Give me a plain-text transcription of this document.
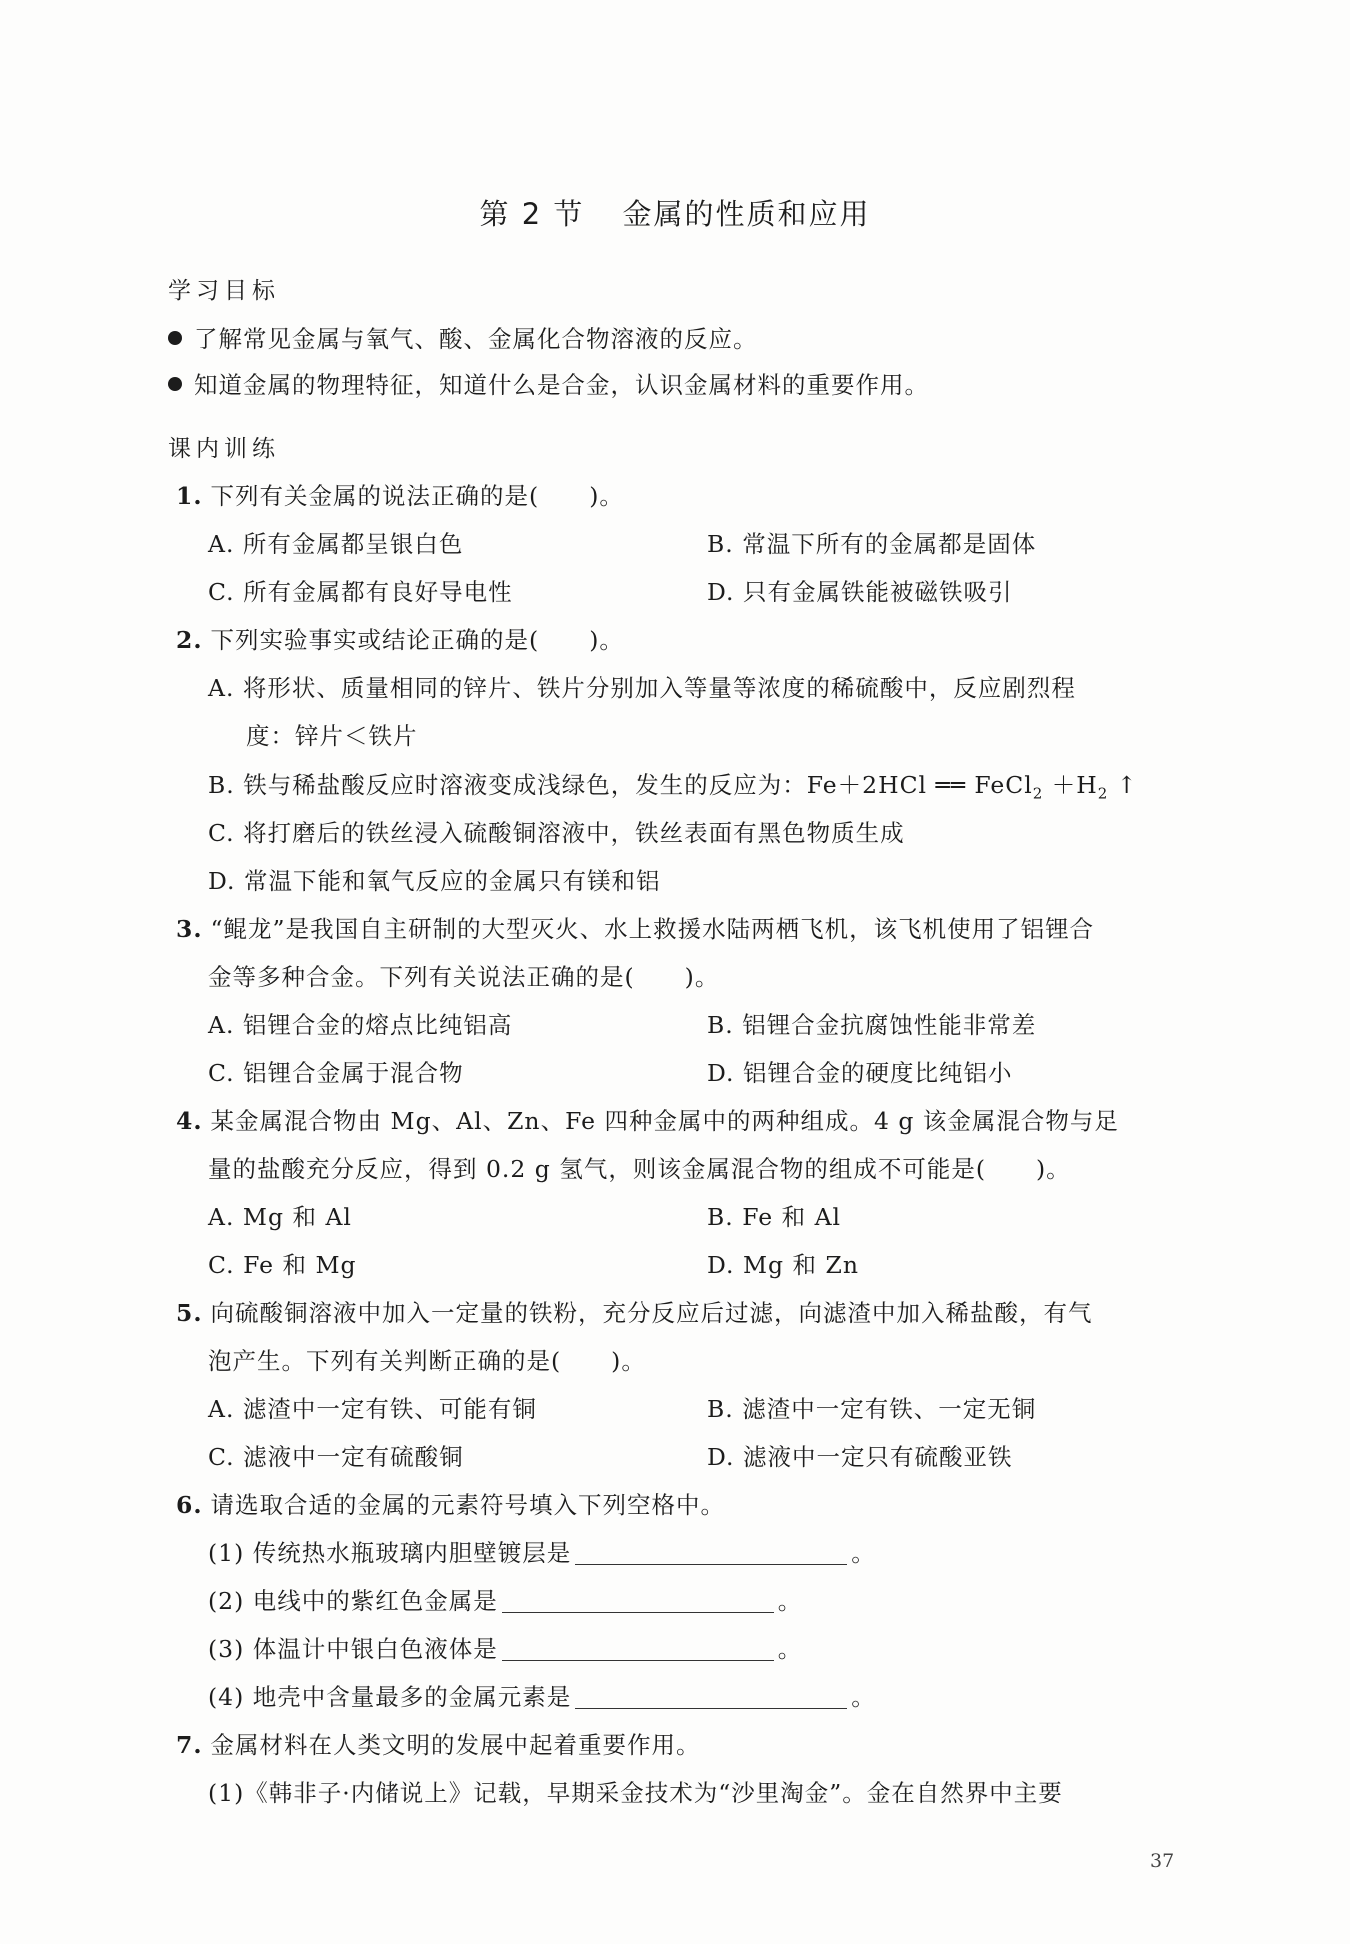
第 2 节 金属的性质和应用
学习目标
了解常见金属与氧气、酸、金属化合物溶液的反应。
知道金属的物理特征，知道什么是合金，认识金属材料的重要作用。
课内训练
1. 下列有关金属的说法正确的是( )。
A. 所有金属都呈银白色	B. 常温下所有的金属都是固体
C. 所有金属都有良好导电性	D. 只有金属铁能被磁铁吸引
2. 下列实验事实或结论正确的是( )。
A. 将形状、质量相同的锌片、铁片分别加入等量等浓度的稀硫酸中，反应剧烈程
度：锌片＜铁片
B. 铁与稀盐酸反应时溶液变成浅绿色，发生的反应为：Fe＋2HCl ══ FeCl$_2$ $+H_2$ ↑
C. 将打磨后的铁丝浸入硫酸铜溶液中，铁丝表面有黑色物质生成
D. 常温下能和氧气反应的金属只有镁和铝
3. “鲲龙”是我国自主研制的大型灭火、水上救援水陆两栖飞机，该飞机使用了铝锂合
金等多种合金。下列有关说法正确的是( )。
A. 铝锂合金的熔点比纯铝高	B. 铝锂合金抗腐蚀性能非常差
C. 铝锂合金属于混合物	D. 铝锂合金的硬度比纯铝小
4. 某金属混合物由 Mg、Al、Zn、Fe 四种金属中的两种组成。4 g 该金属混合物与足
量的盐酸充分反应，得到 0.2 g 氢气，则该金属混合物的组成不可能是( )。
A. Mg 和 Al	B. Fe 和 Al
C. Fe 和 Mg	D. Mg 和 Zn
5. 向硫酸铜溶液中加入一定量的铁粉，充分反应后过滤，向滤渣中加入稀盐酸，有气
泡产生。下列有关判断正确的是( )。
A. 滤渣中一定有铁、可能有铜	B. 滤渣中一定有铁、一定无铜
C. 滤液中一定有硫酸铜	D. 滤液中一定只有硫酸亚铁
6. 请选取合适的金属的元素符号填入下列空格中。
(1) 传统热水瓶玻璃内胆壁镀层是	。
(2) 电线中的紫红色金属是	。
(3) 体温计中银白色液体是	。
(4) 地壳中含量最多的金属元素是	。
7. 金属材料在人类文明的发展中起着重要作用。
(1)《韩非子·内储说上》记载，早期采金技术为“沙里淘金”。金在自然界中主要
37
